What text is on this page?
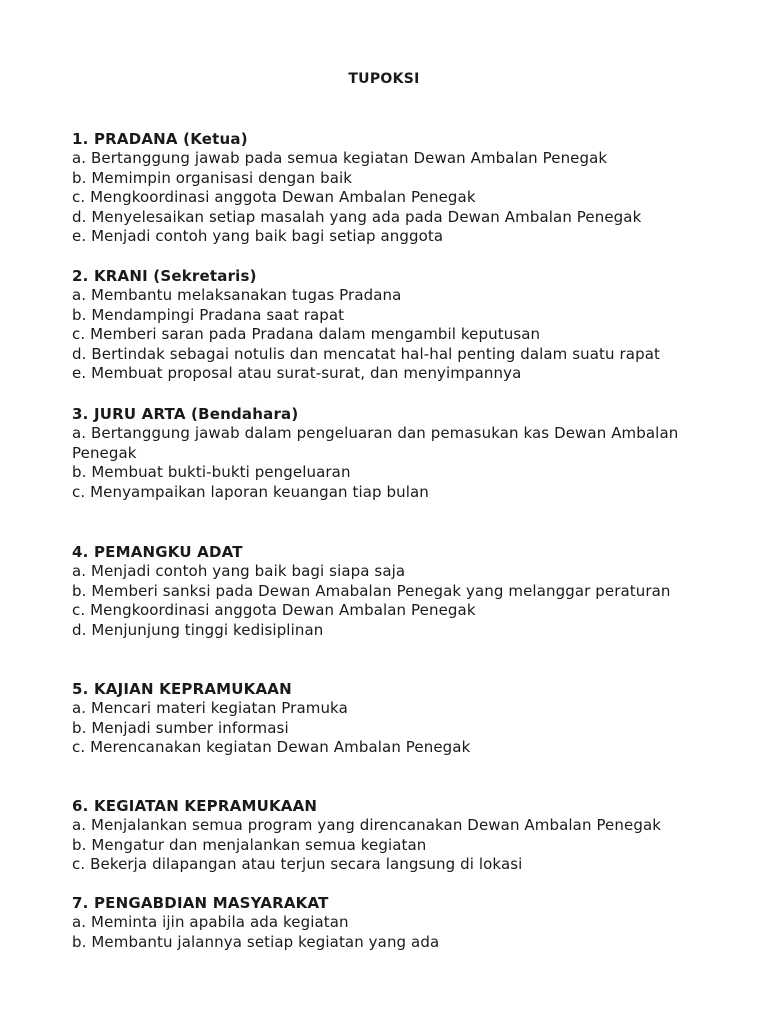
TUPOKSI

1. PRADANA (Ketua)

a. Bertanggung jawab pada semua kegiatan Dewan Ambalan Penegak

b. Memimpin organisasi dengan baik

c. Mengkoordinasi anggota Dewan Ambalan Penegak

d. Menyelesaikan setiap masalah yang ada pada Dewan Ambalan Penegak

e. Menjadi contoh yang baik bagi setiap anggota

2. KRANI (Sekretaris)

a. Membantu melaksanakan tugas Pradana

b. Mendampingi Pradana saat rapat

c. Memberi saran pada Pradana dalam mengambil keputusan

d. Bertindak sebagai notulis dan mencatat hal-hal penting dalam suatu rapat

e. Membuat proposal atau surat-surat, dan menyimpannya

3. JURU ARTA (Bendahara)

a. Bertanggung jawab dalam pengeluaran dan pemasukan kas Dewan Ambalan Penegak

b. Membuat bukti-bukti pengeluaran

c. Menyampaikan laporan keuangan tiap bulan

4. PEMANGKU ADAT

a. Menjadi contoh yang baik bagi siapa saja

b. Memberi sanksi pada Dewan Amabalan Penegak yang melanggar peraturan

c. Mengkoordinasi anggota Dewan Ambalan Penegak

d. Menjunjung tinggi kedisiplinan

5. KAJIAN KEPRAMUKAAN

a. Mencari materi kegiatan Pramuka

b. Menjadi sumber informasi

c. Merencanakan kegiatan Dewan Ambalan Penegak

6. KEGIATAN KEPRAMUKAAN

a. Menjalankan semua program yang direncanakan Dewan Ambalan Penegak

b. Mengatur dan menjalankan semua kegiatan

c. Bekerja dilapangan atau terjun secara langsung di lokasi

7. PENGABDIAN MASYARAKAT

a. Meminta ijin apabila ada kegiatan

b. Membantu jalannya setiap kegiatan yang ada
